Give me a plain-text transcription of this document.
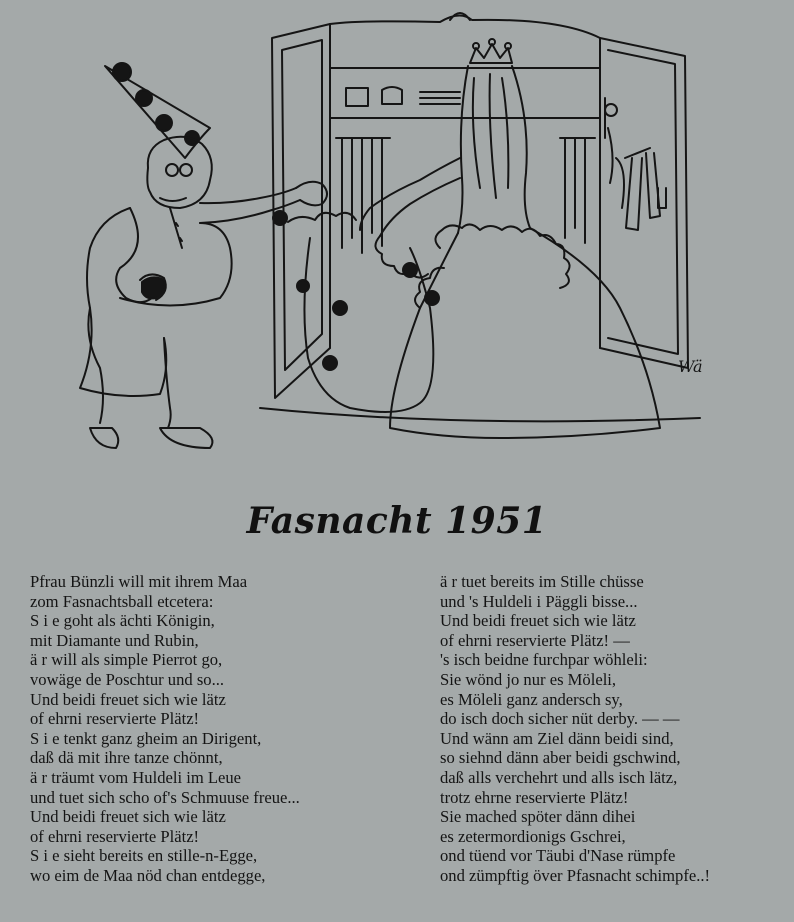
Wä
Fasnacht 1951
Pfrau Bünzli will mit ihrem Maa
zom Fasnachtsball etcetera:
S i e goht als ächti Königin,
mit Diamante und Rubin,
ä r will als simple Pierrot go,
vowäge de Poschtur und so...
Und beidi freuet sich wie lätz
of ehrni reservierte Plätz!
S i e tenkt ganz gheim an Dirigent,
daß dä mit ihre tanze chönnt,
ä r träumt vom Huldeli im Leue
und tuet sich scho of's Schmuuse freue...
Und beidi freuet sich wie lätz
of ehrni reservierte Plätz!
S i e sieht bereits en stille-n-Egge,
wo eim de Maa nöd chan entdegge,
ä r tuet bereits im Stille chüsse
und 's Huldeli i Päggli bisse...
Und beidi freuet sich wie lätz
of ehrni reservierte Plätz! —
's isch beidne furchpar wöhleli:
Sie wönd jo nur es Möleli,
es Möleli ganz andersch sy,
do isch doch sicher nüt derby. — —
Und wänn am Ziel dänn beidi sind,
so siehnd dänn aber beidi gschwind,
daß alls verchehrt und alls isch lätz,
trotz ehrne reservierte Plätz!
Sie mached spöter dänn dihei
es zetermordionigs Gschrei,
ond tüend vor Täubi d'Nase rümpfe
ond zümpftig över Pfasnacht schimpfe..!
